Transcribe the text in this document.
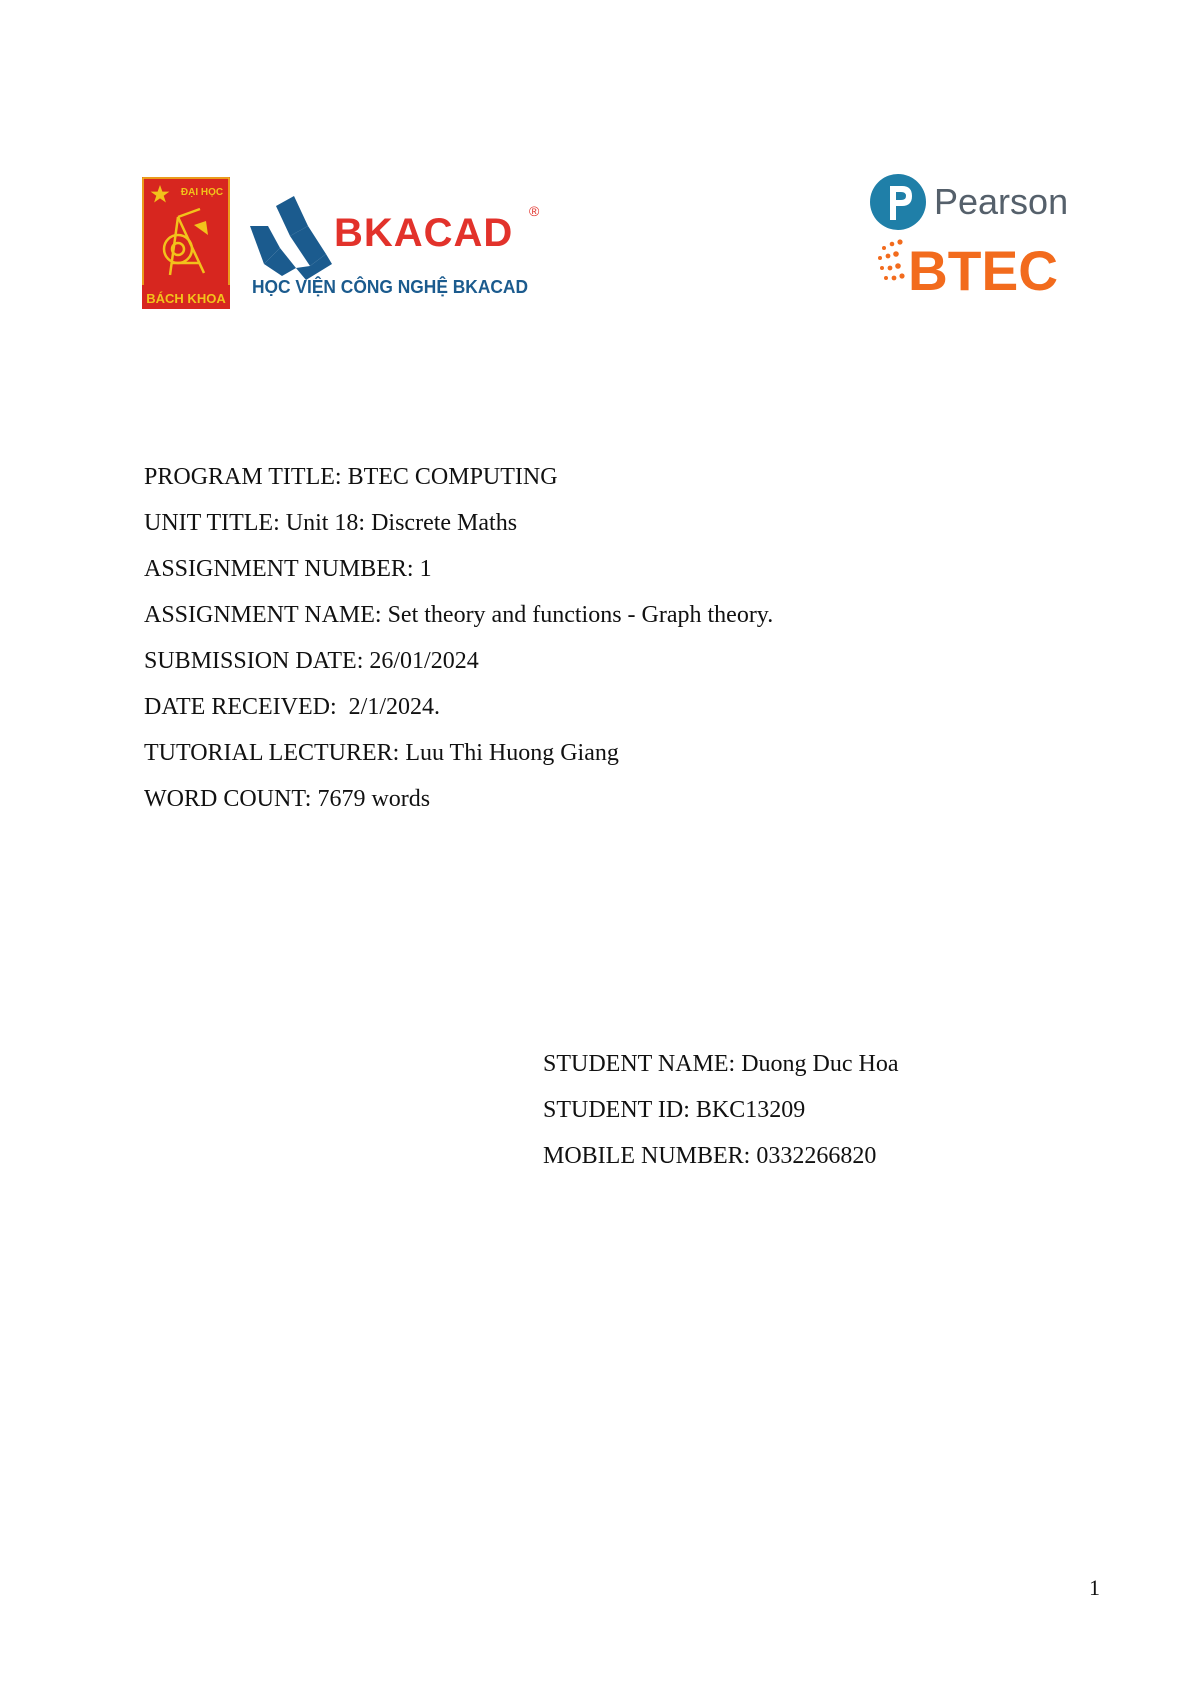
ĐẠI HỌC
BÁCH KHOA
BKACAD ®
HỌC VIỆN CÔNG NGHỆ BKACAD
Pearson
BTEC
PROGRAM TITLE: BTEC COMPUTING
UNIT TITLE: Unit 18: Discrete Maths
ASSIGNMENT NUMBER: 1
ASSIGNMENT NAME: Set theory and functions - Graph theory.
SUBMISSION DATE: 26/01/2024
DATE RECEIVED:  2/1/2024.
TUTORIAL LECTURER: Luu Thi Huong Giang
WORD COUNT: 7679 words
STUDENT NAME: Duong Duc Hoa
STUDENT ID: BKC13209
MOBILE NUMBER: 0332266820
1
